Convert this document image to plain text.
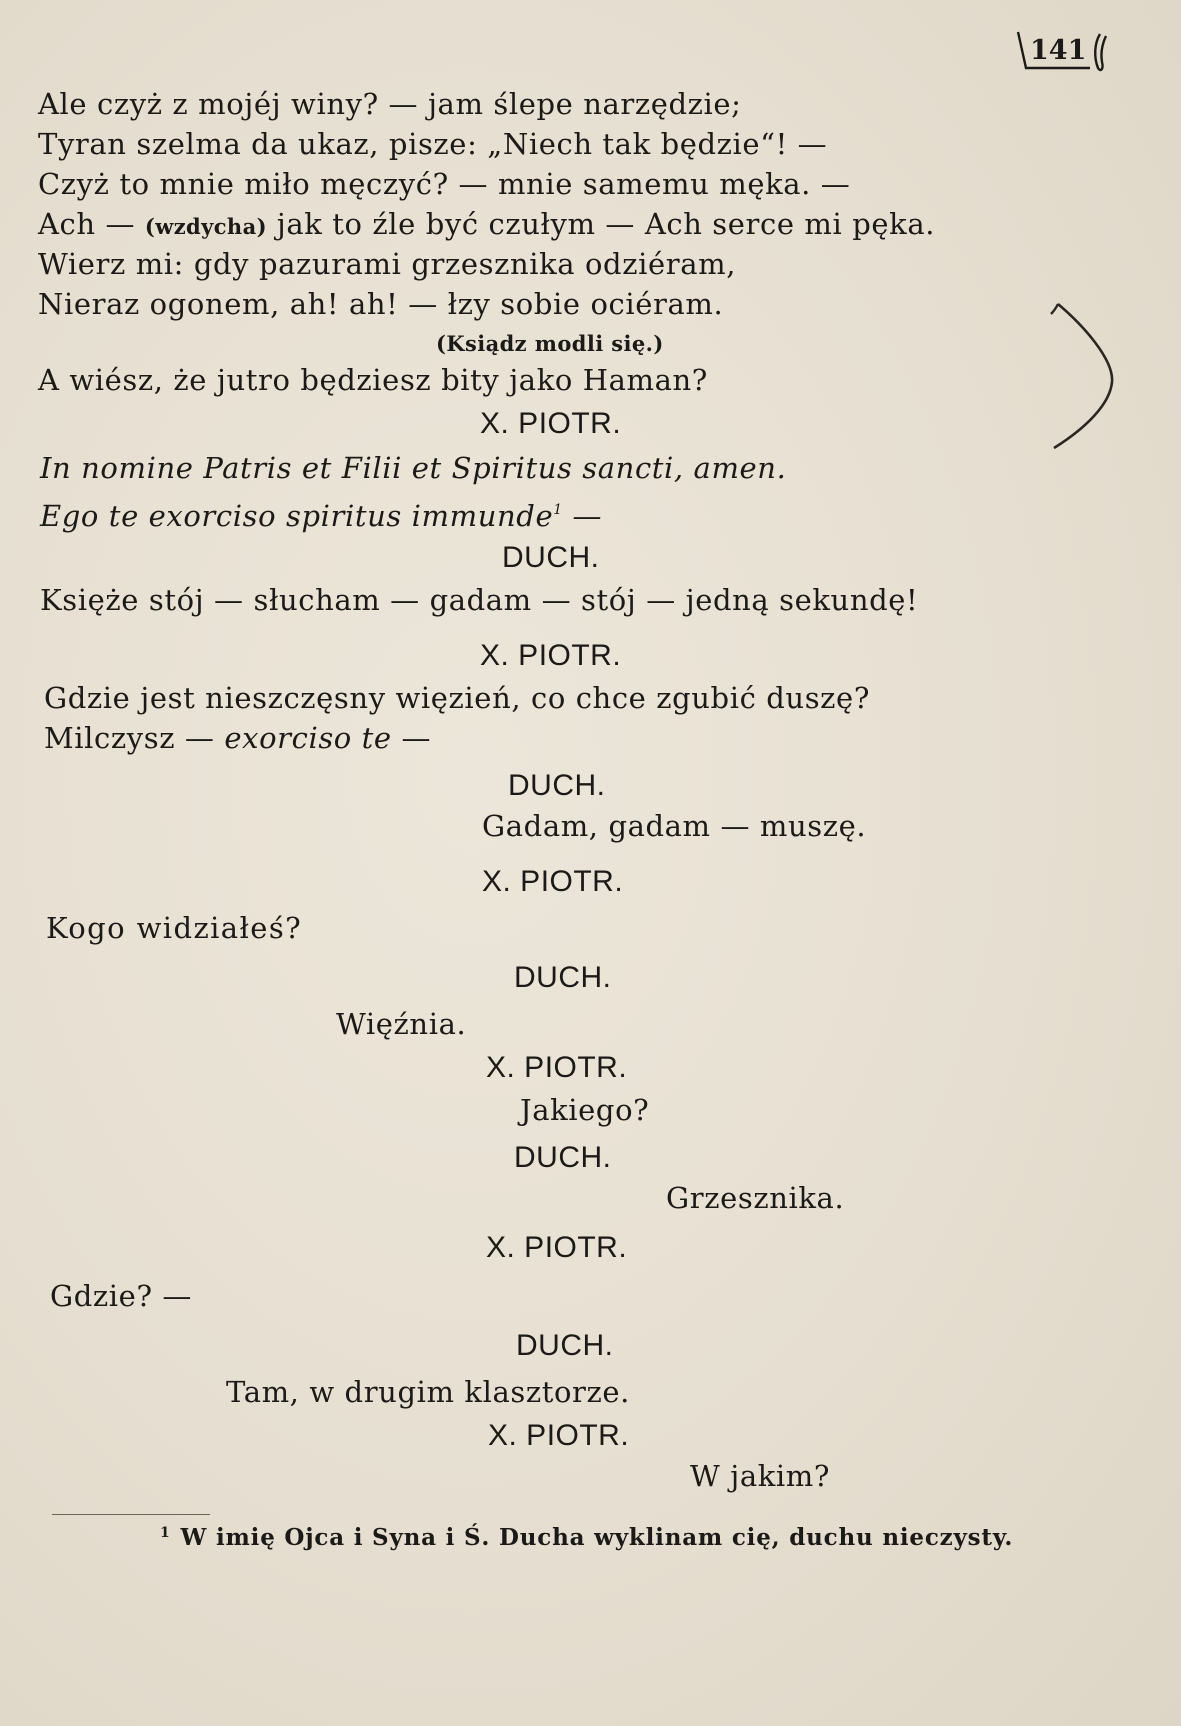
141
Ale czyż z mojéj winy? — jam ślepe narzędzie;
Tyran szelma da ukaz, pisze: „Niech tak będzie“! —
Czyż to mnie miło męczyć? — mnie samemu męka. —
Ach — (wzdycha) jak to źle być czułym — Ach serce mi pęka.
Wierz mi: gdy pazurami grzesznika odziéram,
Nieraz ogonem, ah! ah! — łzy sobie ociéram.
(Ksiądz modli się.)
A wiész, że jutro będziesz bity jako Haman?
X. PIOTR.
In nomine Patris et Filii et Spiritus sancti, amen.
Ego te exorciso spiritus immunde$^1$ —
DUCH.
Księże stój — słucham — gadam — stój — jedną sekundę!
X. PIOTR.
Gdzie jest nieszczęsny więzień, co chce zgubić duszę?
Milczysz — exorciso te —
DUCH.
Gadam, gadam — muszę.
X. PIOTR.
Kogo widziałeś?
DUCH.
Więźnia.
X. PIOTR.
Jakiego?
DUCH.
Grzesznika.
X. PIOTR.
Gdzie? —
DUCH.
Tam, w drugim klasztorze.
X. PIOTR.
W jakim?
$^1$ W imię Ojca i Syna i Ś. Ducha wyklinam cię, duchu nieczysty.
